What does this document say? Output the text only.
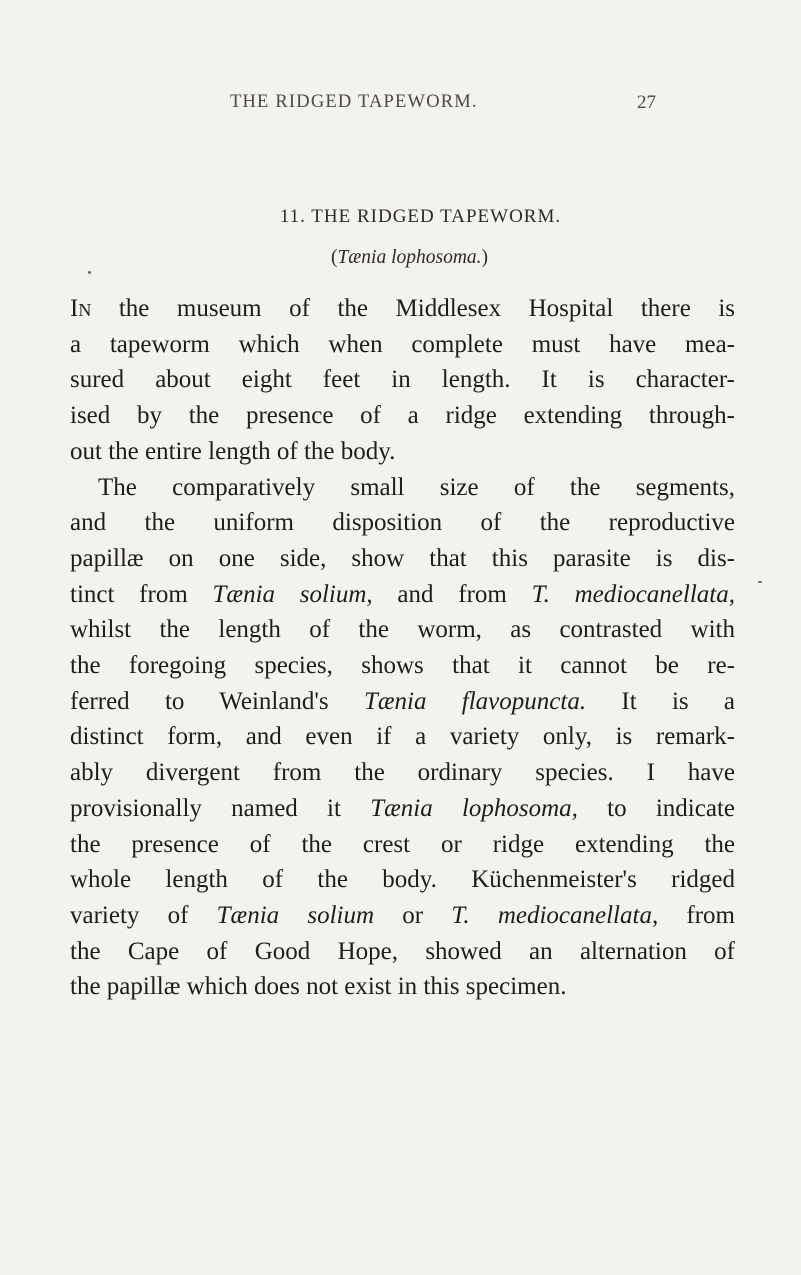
THE RIDGED TAPEWORM.	27
11. THE RIDGED TAPEWORM.
(Tænia lophosoma.)
In the museum of the Middlesex Hospital there is
a tapeworm which when complete must have mea-
sured about eight feet in length. It is character-
ised by the presence of a ridge extending through-
out the entire length of the body.
The comparatively small size of the segments,
and the uniform disposition of the reproductive
papillæ on one side, show that this parasite is dis-
tinct from Tænia solium, and from T. mediocanellata,
whilst the length of the worm, as contrasted with
the foregoing species, shows that it cannot be re-
ferred to Weinland's Tænia flavopuncta. It is a
distinct form, and even if a variety only, is remark-
ably divergent from the ordinary species. I have
provisionally named it Tænia lophosoma, to indicate
the presence of the crest or ridge extending the
whole length of the body. Küchenmeister's ridged
variety of Tænia solium or T. mediocanellata, from
the Cape of Good Hope, showed an alternation of
the papillæ which does not exist in this specimen.
